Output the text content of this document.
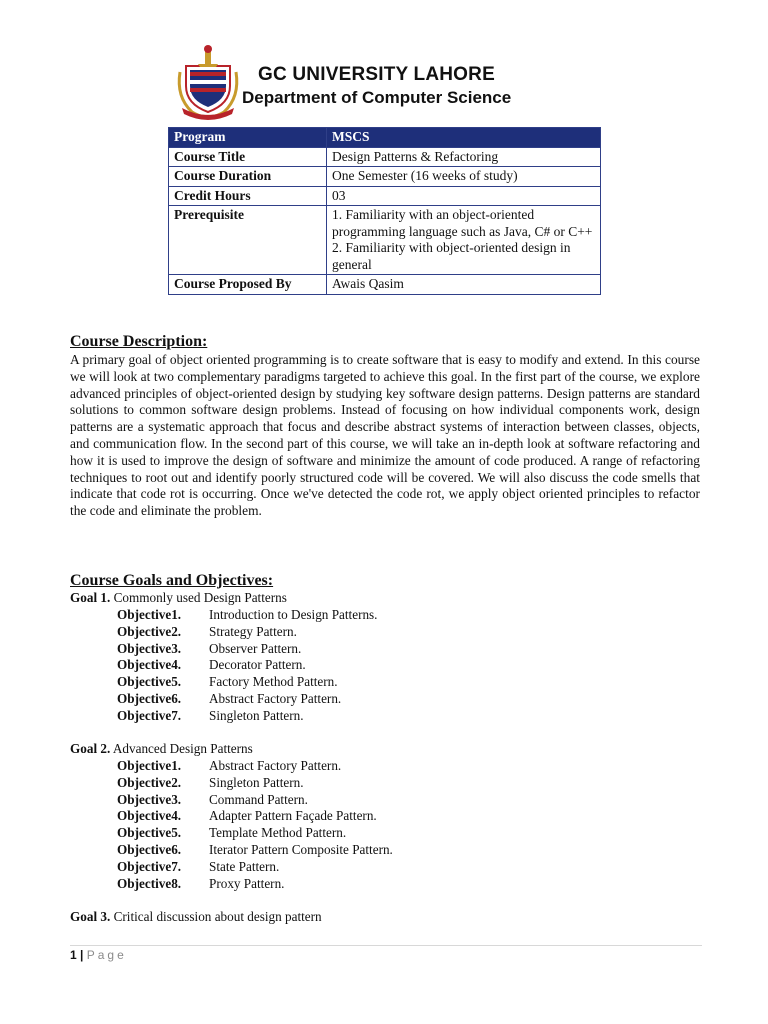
GC UNIVERSITY LAHORE
Department of Computer Science
Program	MSCS
Course Title	Design Patterns & Refactoring
Course Duration	One Semester (16 weeks of study)
Credit Hours	03
Prerequisite	1. Familiarity with an object-oriented programming language such as Java, C# or C++
2. Familiarity with object-oriented design in general

Course Proposed By	Awais Qasim
Course Description:

A primary goal of object oriented programming is to create software that is easy to modify and extend. In this course we will look at two complementary paradigms targeted to achieve this goal. In the first part of the course, we explore advanced principles of object-oriented design by studying key software design patterns. Design patterns are standard solutions to common software design problems. Instead of focusing on how individual components work, design patterns are a systematic approach that focus and describe abstract systems of interaction between classes, objects, and communication flow. In the second part of this course, we will take an in-depth look at software refactoring and how it is used to improve the design of software and minimize the amount of code produced. A range of refactoring techniques to root out and identify poorly structured code will be covered. We will also discuss the code smells that indicate that code rot is occurring. Once we've detected the code rot, we apply object oriented principles to refactor the code and eliminate the problem.

Course Goals and Objectives:
Goal 1. Commonly used Design Patterns
Objective1. Introduction to Design Patterns.
Objective2. Strategy Pattern.
Objective3. Observer Pattern.
Objective4. Decorator Pattern.
Objective5. Factory Method Pattern.
Objective6. Abstract Factory Pattern.
Objective7. Singleton Pattern.
Goal 2. Advanced Design Patterns
Objective1. Abstract Factory Pattern.
Objective2. Singleton Pattern.
Objective3. Command Pattern.
Objective4. Adapter Pattern Façade Pattern.
Objective5. Template Method Pattern.
Objective6. Iterator Pattern Composite Pattern.
Objective7. State Pattern.
Objective8. Proxy Pattern.
Goal 3. Critical discussion about design pattern
1 | Page
